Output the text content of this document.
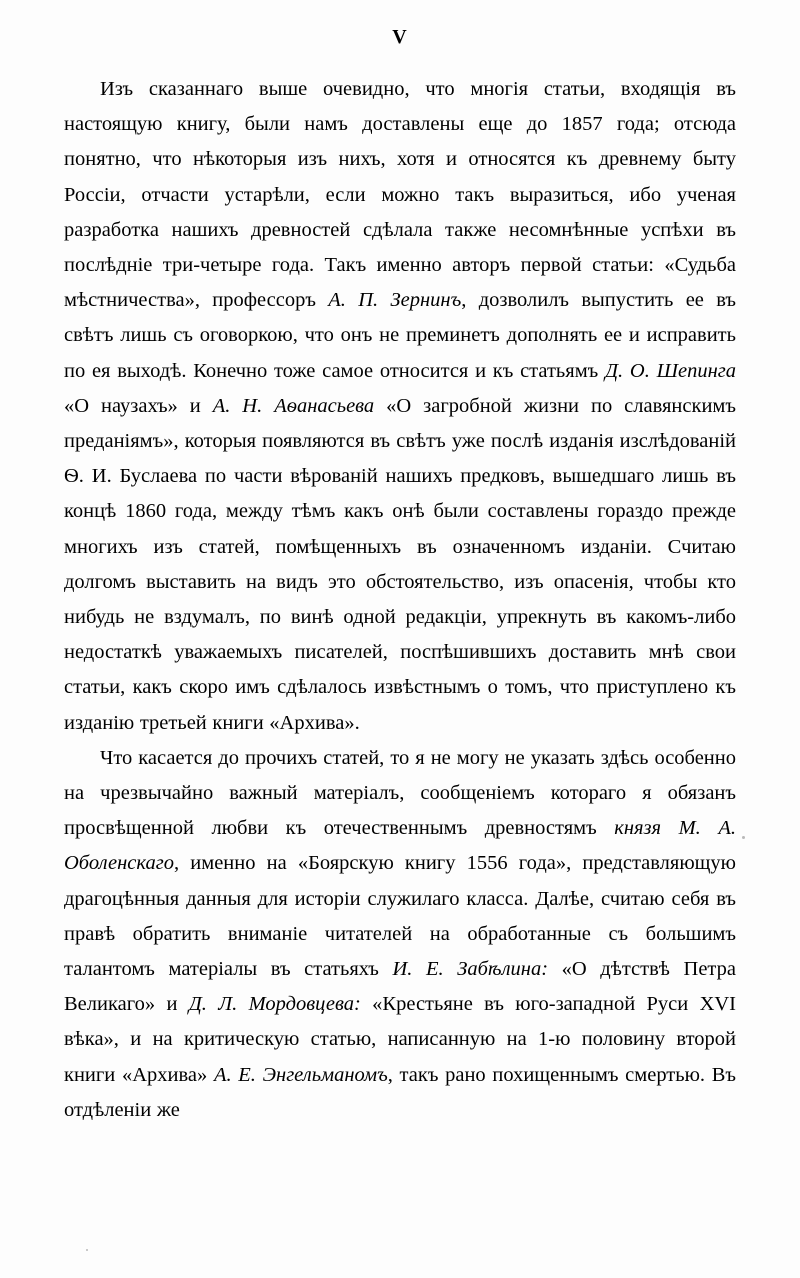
V

Изъ сказаннаго выше очевидно, что многія статьи, входящія въ настоящую книгу, были намъ доставлены еще до 1857 года; отсюда понятно, что нѣкоторыя изъ нихъ, хотя и относятся къ древнему быту Россіи, отчасти устарѣли, если можно такъ выразиться, ибо ученая разработка нашихъ древностей сдѣлала также несомнѣнные успѣхи въ послѣдніе три-четыре года. Такъ именно авторъ первой статьи: «Судьба мѣстничества», профессоръ А. П. Зернинъ, дозволилъ выпустить ее въ свѣтъ лишь съ оговоркою, что онъ не преминетъ дополнять ее и исправить по ея выходѣ. Конечно тоже самое относится и къ статьямъ Д. О. Шепинга «О наузахъ» и А. Н. Аѳанасьева «О загробной жизни по славянскимъ преданіямъ», которыя появляются въ свѣтъ уже послѣ изданія изслѣдованій Ѳ. И. Буслаева по части вѣрованій нашихъ предковъ, вышедшаго лишь въ концѣ 1860 года, между тѣмъ какъ онѣ были составлены гораздо прежде многихъ изъ статей, помѣщенныхъ въ означенномъ изданіи. Считаю долгомъ выставить на видъ это обстоятельство, изъ опасенія, чтобы кто нибудь не вздумалъ, по винѣ одной редакціи, упрекнуть въ какомъ-либо недостаткѣ уважаемыхъ писателей, поспѣшившихъ доставить мнѣ свои статьи, какъ скоро имъ сдѣлалось извѣстнымъ о томъ, что приступлено къ изданію третьей книги «Архива».

Что касается до прочихъ статей, то я не могу не указать здѣсь особенно на чрезвычайно важный матеріалъ, сообщеніемъ котораго я обязанъ просвѣщенной любви къ отечественнымъ древностямъ князя М. А. Оболенскаго, именно на «Боярскую книгу 1556 года», представляющую драгоцѣнныя данныя для исторіи служилаго класса. Далѣе, считаю себя въ правѣ обратить вниманіе читателей на обработанные съ большимъ талантомъ матеріалы въ статьяхъ И. Е. Забѣлина: «О дѣтствѣ Петра Великаго» и Д. Л. Мордовцева: «Крестьяне въ юго-западной Руси XVI вѣка», и на критическую статью, написанную на 1-ю половину второй книги «Архива» А. Е. Энгельманомъ, такъ рано похищеннымъ смертью. Въ отдѣленіи же
